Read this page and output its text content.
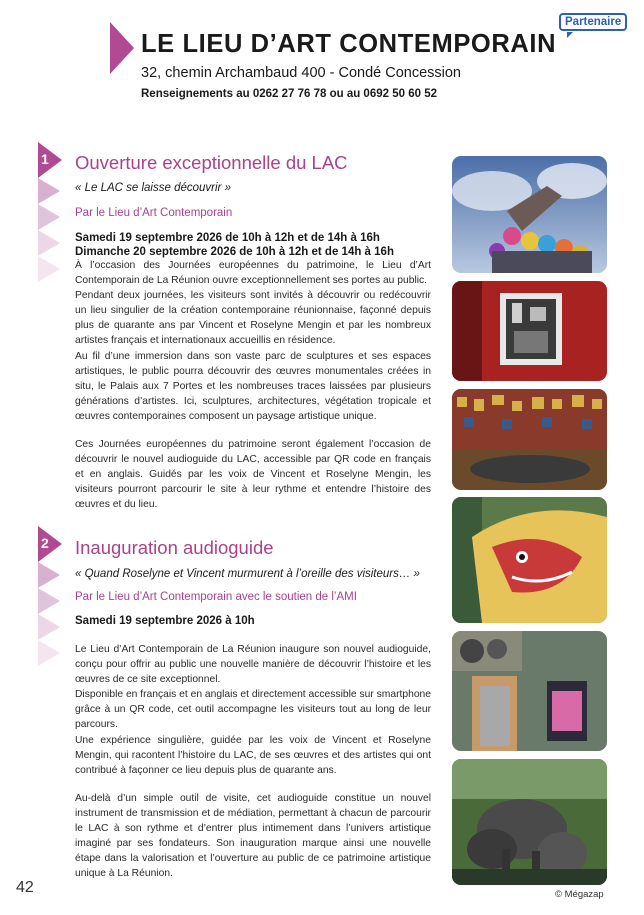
LE LIEU D’ART CONTEMPORAIN
32, chemin Archambaud 400 - Condé Concession
Renseignements au 0262 27 76 78 ou au 0692 50 60 52
Partenaire
1 Ouverture exceptionnelle du LAC
« Le LAC se laisse découvrir »
Par le Lieu d’Art Contemporain
Samedi 19 septembre 2026 de 10h à 12h et de 14h à 16h
Dimanche 20 septembre 2026 de 10h à 12h et de 14h à 16h

À l’occasion des Journées européennes du patrimoine, le Lieu d’Art Contemporain de La Réunion ouvre exceptionnellement ses portes au public.

Pendant deux journées, les visiteurs sont invités à découvrir ou redécouvrir un lieu singulier de la création contemporaine réunionnaise, façonné depuis plus de quarante ans par Vincent et Roselyne Mengin et par les nombreux artistes français et internationaux accueillis en résidence.

Au fil d’une immersion dans son vaste parc de sculptures et ses espaces artistiques, le public pourra découvrir des œuvres monumentales créées in situ, le Palais aux 7 Portes et les nombreuses traces laissées par plusieurs générations d’artistes. Ici, sculptures, architectures, végétation tropicale et œuvres contemporaines composent un paysage artistique unique.

Ces Journées européennes du patrimoine seront également l’occasion de découvrir le nouvel audioguide du LAC, accessible par QR code en français et en anglais. Guidés par les voix de Vincent et Roselyne Mengin, les visiteurs pourront parcourir le site à leur rythme et entendre l’histoire des œuvres et du lieu.

2 Inauguration audioguide
« Quand Roselyne et Vincent murmurent à l’oreille des visiteurs… »
Par le Lieu d’Art Contemporain avec le soutien de l’AMI
Samedi 19 septembre 2026 à 10h

Le Lieu d’Art Contemporain de La Réunion inaugure son nouvel audioguide, conçu pour offrir au public une nouvelle manière de découvrir l’histoire et les œuvres de ce site exceptionnel.

Disponible en français et en anglais et directement accessible sur smartphone grâce à un QR code, cet outil accompagne les visiteurs tout au long de leur parcours.

Une expérience singulière, guidée par les voix de Vincent et Roselyne Mengin, qui racontent l’histoire du LAC, de ses œuvres et des artistes qui ont contribué à façonner ce lieu depuis plus de quarante ans.

Au-delà d’un simple outil de visite, cet audioguide constitue un nouvel instrument de transmission et de médiation, permettant à chacun de parcourir le LAC à son rythme et d’entrer plus intimement dans l’univers artistique imaginé par ses fondateurs. Son inauguration marque ainsi une nouvelle étape dans la valorisation et l’ouverture au public de ce patrimoine artistique unique à La Réunion.

42	© Mégazap
